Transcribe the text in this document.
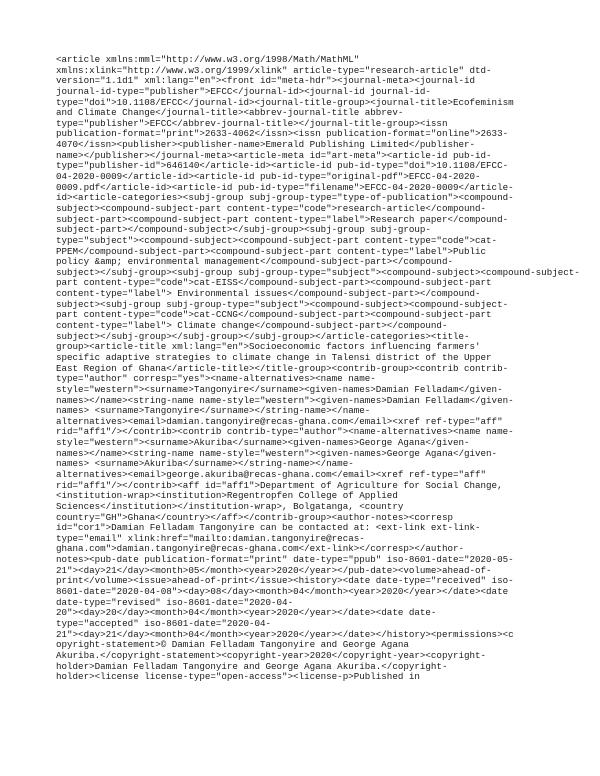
<article xmlns:mml="http://www.w3.org/1998/Math/MathML"
xmlns:xlink="http://www.w3.org/1999/xlink" article-type="research-article" dtd-
version="1.1d1" xml:lang="en"><front id="meta-hdr"><journal-meta><journal-id
journal-id-type="publisher">EFCC</journal-id><journal-id journal-id-
type="doi">10.1108/EFCC</journal-id><journal-title-group><journal-title>Ecofeminism
and Climate Change</journal-title><abbrev-journal-title abbrev-
type="publisher">EFCC</abbrev-journal-title></journal-title-group><issn
publication-format="print">2633-4062</issn><issn publication-format="online">2633-
4070</issn><publisher><publisher-name>Emerald Publishing Limited</publisher-
name></publisher></journal-meta><article-meta id="art-meta"><article-id pub-id-
type="publisher-id">646140</article-id><article-id pub-id-type="doi">10.1108/EFCC-
04-2020-0009</article-id><article-id pub-id-type="original-pdf">EFCC-04-2020-
0009.pdf</article-id><article-id pub-id-type="filename">EFCC-04-2020-0009</article-
id><article-categories><subj-group subj-group-type="type-of-publication"><compound-
subject><compound-subject-part content-type="code">research-article</compound-
subject-part><compound-subject-part content-type="label">Research paper</compound-
subject-part></compound-subject></subj-group><subj-group subj-group-
type="subject"><compound-subject><compound-subject-part content-type="code">cat-
PPEM</compound-subject-part><compound-subject-part content-type="label">Public
policy &amp; environmental management</compound-subject-part></compound-
subject></subj-group><subj-group subj-group-type="subject"><compound-subject><compound-subject-
part content-type="code">cat-EISS</compound-subject-part><compound-subject-part
content-type="label"> Environmental issues</compound-subject-part></compound-
subject><subj-group subj-group-type="subject"><compound-subject><compound-subject-
part content-type="code">cat-CCNG</compound-subject-part><compound-subject-part
content-type="label"> Climate change</compound-subject-part></compound-
subject></subj-group></subj-group></subj-group></article-categories><title-
group><article-title xml:lang="en">Socioeconomic factors influencing farmers'
specific adaptive strategies to climate change in Talensi district of the Upper
East Region of Ghana</article-title></title-group><contrib-group><contrib contrib-
type="author" corresp="yes"><name-alternatives><name name-
style="western"><surname>Tangonyire</surname><given-names>Damian Felladam</given-
names></name><string-name name-style="western"><given-names>Damian Felladam</given-
names> <surname>Tangonyire</surname></string-name></name-
alternatives><email>damian.tangonyire@recas-ghana.com</email><xref ref-type="aff"
rid="aff1"/></contrib><contrib contrib-type="author"><name-alternatives><name name-
style="western"><surname>Akuriba</surname><given-names>George Agana</given-
names></name><string-name name-style="western"><given-names>George Agana</given-
names> <surname>Akuriba</surname></string-name></name-
alternatives><email>george.akuriba@recas-ghana.com</email><xref ref-type="aff"
rid="aff1"/></contrib><aff id="aff1">Department of Agriculture for Social Change,
<institution-wrap><institution>Regentropfen College of Applied
Sciences</institution></institution-wrap>, Bolgatanga, <country
country="GH">Ghana</country></aff></contrib-group><author-notes><corresp
id="cor1">Damian Felladam Tangonyire can be contacted at: <ext-link ext-link-
type="email" xlink:href="mailto:damian.tangonyire@recas-
ghana.com">damian.tangonyire@recas-ghana.com</ext-link></corresp></author-
notes><pub-date publication-format="print" date-type="ppub" iso-8601-date="2020-05-
21"><day>21</day><month>05</month><year>2020</year></pub-date><volume>ahead-of-
print</volume><issue>ahead-of-print</issue><history><date date-type="received" iso-
8601-date="2020-04-08"><day>08</day><month>04</month><year>2020</year></date><date
date-type="revised" iso-8601-date="2020-04-
20"><day>20</day><month>04</month><year>2020</year></date><date date-
type="accepted" iso-8601-date="2020-04-
21"><day>21</day><month>04</month><year>2020</year></date></history><permissions><c
opyright-statement>© Damian Felladam Tangonyire and George Agana
Akuriba.</copyright-statement><copyright-year>2020</copyright-year><copyright-
holder>Damian Felladam Tangonyire and George Agana Akuriba.</copyright-
holder><license license-type="open-access"><license-p>Published in
